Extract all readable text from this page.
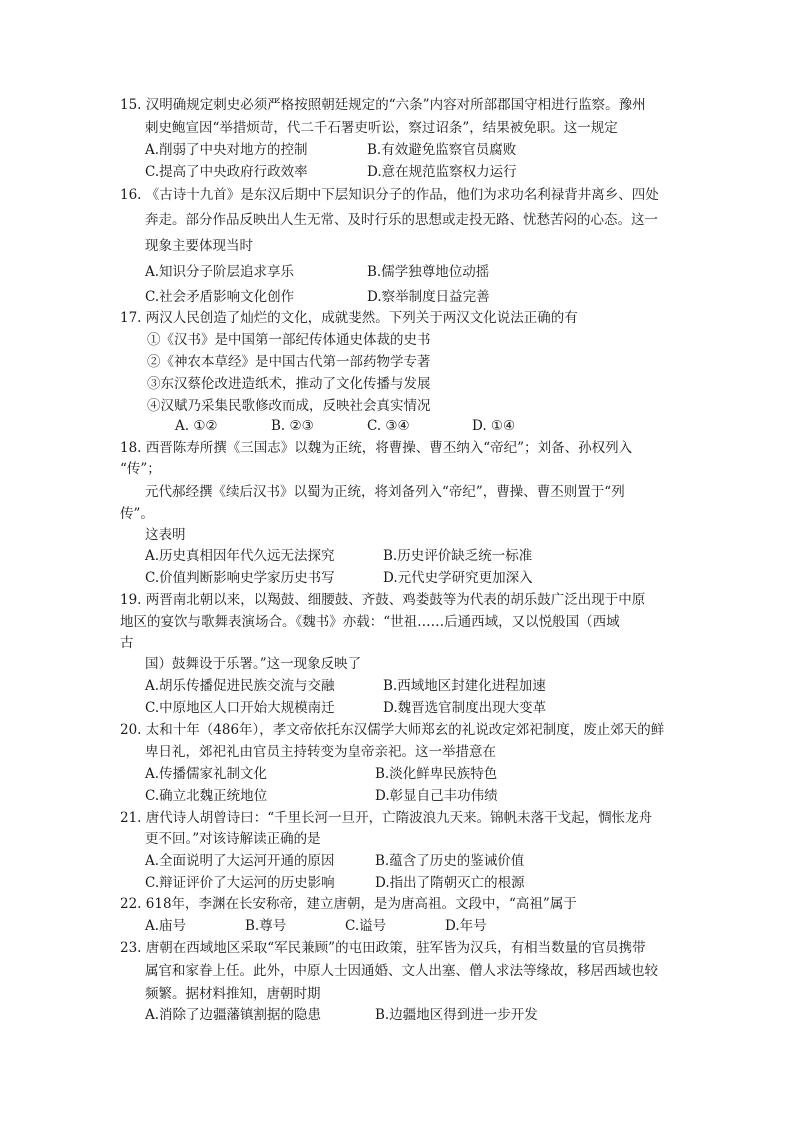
15. 汉明确规定刺史必须严格按照朝廷规定的“六条”内容对所部郡国守相进行监察。豫州
刺史鲍宣因“举措烦苛，代二千石署吏听讼，察过诏条”，结果被免职。这一规定
A.削弱了中央对地方的控制	B.有效避免监察官员腐败
C.提高了中央政府行政效率	D.意在规范监察权力运行
16. 《古诗十九首》是东汉后期中下层知识分子的作品，他们为求功名利禄背井离乡、四处
奔走。部分作品反映出人生无常、及时行乐的思想或走投无路、忧愁苦闷的心态。这一
现象主要体现当时
A.知识分子阶层追求享乐	B.儒学独尊地位动摇
C.社会矛盾影响文化创作	D.察举制度日益完善
17. 两汉人民创造了灿烂的文化，成就斐然。下列关于两汉文化说法正确的有
①《汉书》是中国第一部纪传体通史体裁的史书
②《神农本草经》是中国古代第一部药物学专著
③东汉蔡伦改进造纸术，推动了文化传播与发展
④汉赋乃采集民歌修改而成，反映社会真实情况
A. ①②	B. ②③	C. ③④	D. ①④
18. 西晋陈寿所撰《三国志》以魏为正统，将曹操、曹丕纳入“帝纪”；刘备、孙权列入
“传”；
元代郝经撰《续后汉书》以蜀为正统，将刘备列入“帝纪”，曹操、曹丕则置于“列
传”。
这表明
A.历史真相因年代久远无法探究	B.历史评价缺乏统一标准
C.价值判断影响史学家历史书写	D.元代史学研究更加深入
19. 两晋南北朝以来，以羯鼓、细腰鼓、齐鼓、鸡娄鼓等为代表的胡乐鼓广泛出现于中原
地区的宴饮与歌舞表演场合。《魏书》亦载：“世祖……后通西域，又以悦般国（西域
古
国）鼓舞设于乐署。”这一现象反映了
A.胡乐传播促进民族交流与交融	B.西域地区封建化进程加速
C.中原地区人口开始大规模南迁	D.魏晋选官制度出现大变革
20. 太和十年（486年），孝文帝依托东汉儒学大师郑玄的礼说改定郊祀制度，废止郊天的鲜
卑日礼，郊祀礼由官员主持转变为皇帝亲祀。这一举措意在
A.传播儒家礼制文化	B.淡化鲜卑民族特色
C.确立北魏正统地位	D.彰显自己丰功伟绩
21. 唐代诗人胡曾诗曰：“千里长河一旦开，亡隋波浪九天来。锦帆未落干戈起，惆怅龙舟
更不回。”对该诗解读正确的是
A.全面说明了大运河开通的原因	B.蕴含了历史的鉴诫价值
C.辩证评价了大运河的历史影响	D.指出了隋朝灭亡的根源
22. 618年，李渊在长安称帝，建立唐朝，是为唐高祖。文段中，“高祖”属于
A.庙号	B.尊号	C.谥号	D.年号
23. 唐朝在西域地区采取“军民兼顾”的屯田政策，驻军皆为汉兵，有相当数量的官员携带
属官和家眷上任。此外，中原人士因通婚、文人出塞、僧人求法等缘故，移居西域也较
频繁。据材料推知，唐朝时期
A.消除了边疆藩镇割据的隐患	B.边疆地区得到进一步开发
